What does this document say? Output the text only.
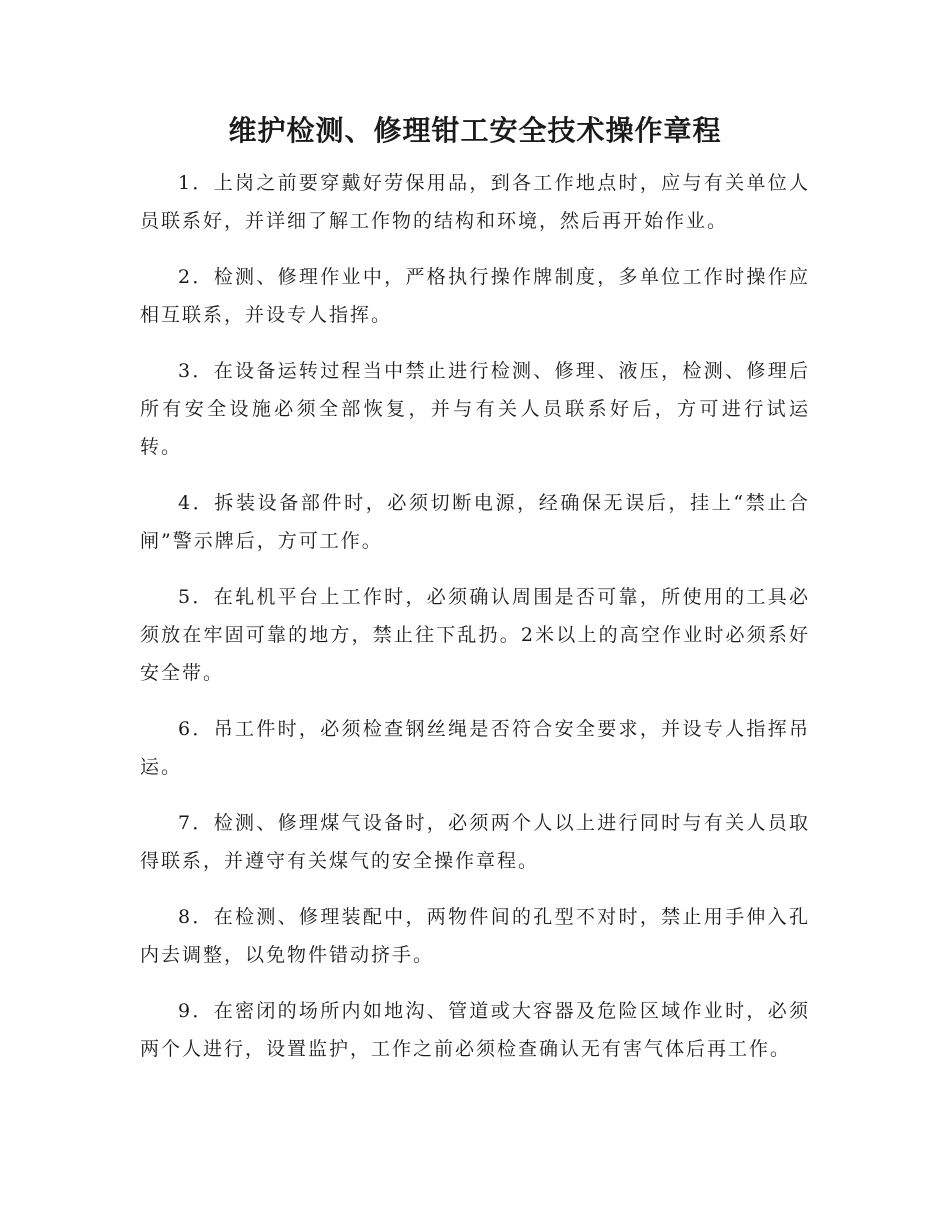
维护检测、修理钳工安全技术操作章程

1．上岗之前要穿戴好劳保用品，到各工作地点时，应与有关单位人员联系好，并详细了解工作物的结构和环境，然后再开始作业。

2．检测、修理作业中，严格执行操作牌制度，多单位工作时操作应相互联系，并设专人指挥。

3．在设备运转过程当中禁止进行检测、修理、液压，检测、修理后所有安全设施必须全部恢复，并与有关人员联系好后，方可进行试运转。

4．拆装设备部件时，必须切断电源，经确保无误后，挂上“禁止合闸”警示牌后，方可工作。

5．在轧机平台上工作时，必须确认周围是否可靠，所使用的工具必须放在牢固可靠的地方，禁止往下乱扔。2米以上的高空作业时必须系好安全带。

6．吊工件时，必须检查钢丝绳是否符合安全要求，并设专人指挥吊运。

7．检测、修理煤气设备时，必须两个人以上进行同时与有关人员取得联系，并遵守有关煤气的安全操作章程。

8．在检测、修理装配中，两物件间的孔型不对时，禁止用手伸入孔内去调整，以免物件错动挤手。

9．在密闭的场所内如地沟、管道或大容器及危险区域作业时，必须两个人进行，设置监护，工作之前必须检查确认无有害气体后再工作。
